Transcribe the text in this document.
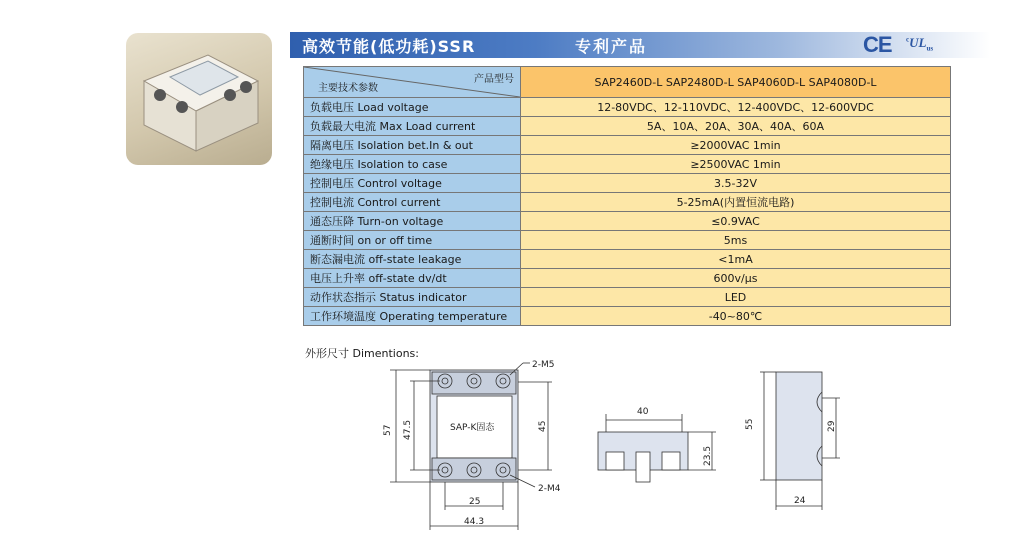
高效节能(低功耗)SSR	专利产品	CE $^cUL_{us}$
产品型号
主要技术参数	SAP2460D-L SAP2480D-L SAP4060D-L SAP4080D-L
负载电压 Load voltage	12-80VDC、12-110VDC、12-400VDC、12-600VDC
负载最大电流 Max Load current	5A、10A、20A、30A、40A、60A
隔离电压 Isolation bet.In & out	≥2000VAC 1min
绝缘电压 Isolation to case	≥2500VAC 1min
控制电压 Control voltage	3.5-32V
控制电流 Control current	5-25mA(内置恒流电路)
通态压降 Turn-on voltage	≤0.9VAC
通断时间 on or off time	5ms
断态漏电流 off-state leakage	<1mA
电压上升率 off-state dv/dt	600v/μs
动作状态指示 Status indicator	LED
工作环境温度 Operating temperature	-40~80℃
外形尺寸 Dimentions:
SAP-K固态
2-M5
2-M4
57 47.5	45
25
44.3
40
23.5
55	29
24
